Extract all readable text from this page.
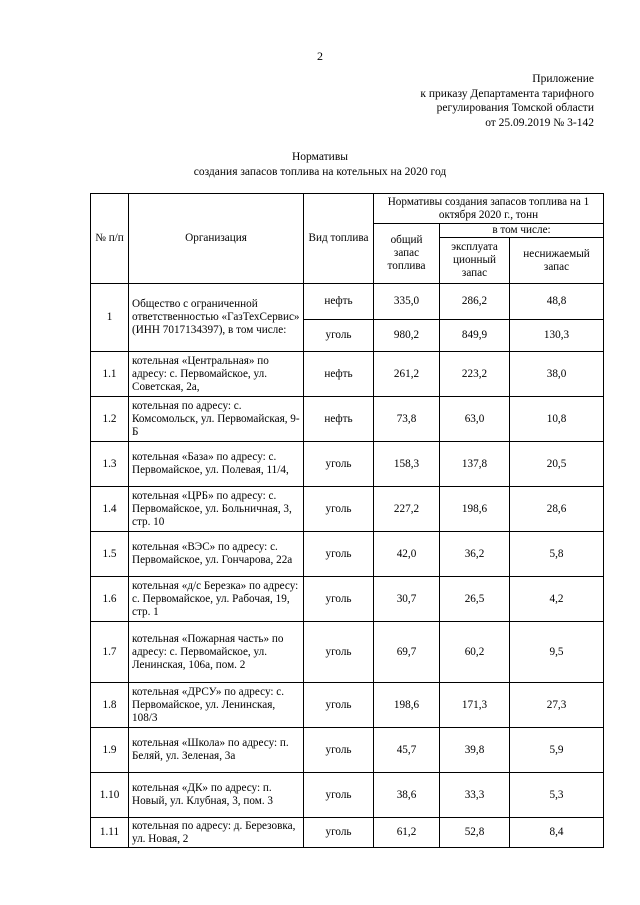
2
Приложение
к приказу Департамента тарифного
регулирования Томской области
от 25.09.2019 № 3-142
Нормативы
создания запасов топлива на котельных на 2020 год
№ п/п	Организация	Вид топлива	Нормативы создания запасов топлива на 1 октября 2020 г., тонн		
			общий запас топлива	в том числе:	
				эксплуата ционный запас	неснижаемый запас
1	Общество с ограниченной ответственностью «ГазТехСервис» (ИНН 7017134397), в том числе:	нефть	335,0	286,2	48,8
		уголь	980,2	849,9	130,3
1.1	котельная «Центральная» по адресу: с. Первомайское, ул. Советская, 2а,	нефть	261,2	223,2	38,0
1.2	котельная по адресу: с. Комсомольск, ул. Первомайская, 9-Б	нефть	73,8	63,0	10,8
1.3	котельная «База» по адресу: с. Первомайское, ул. Полевая, 11/4,	уголь	158,3	137,8	20,5
1.4	котельная «ЦРБ» по адресу: с. Первомайское, ул. Больничная, 3, стр. 10	уголь	227,2	198,6	28,6
1.5	котельная «ВЭС» по адресу: с. Первомайское, ул. Гончарова, 22а	уголь	42,0	36,2	5,8
1.6	котельная «д/с Березка» по адресу: с. Первомайское, ул. Рабочая, 19, стр. 1	уголь	30,7	26,5	4,2
1.7	котельная «Пожарная часть» по адресу: с. Первомайское, ул. Ленинская, 106а, пом. 2	уголь	69,7	60,2	9,5
1.8	котельная «ДРСУ» по адресу: с. Первомайское, ул. Ленинская, 108/3	уголь	198,6	171,3	27,3
1.9	котельная «Школа» по адресу: п. Беляй, ул. Зеленая, 3а	уголь	45,7	39,8	5,9
1.10	котельная «ДК» по адресу: п. Новый, ул. Клубная, 3, пом. 3	уголь	38,6	33,3	5,3
1.11	котельная по адресу: д. Березовка, ул. Новая, 2	уголь	61,2	52,8	8,4
